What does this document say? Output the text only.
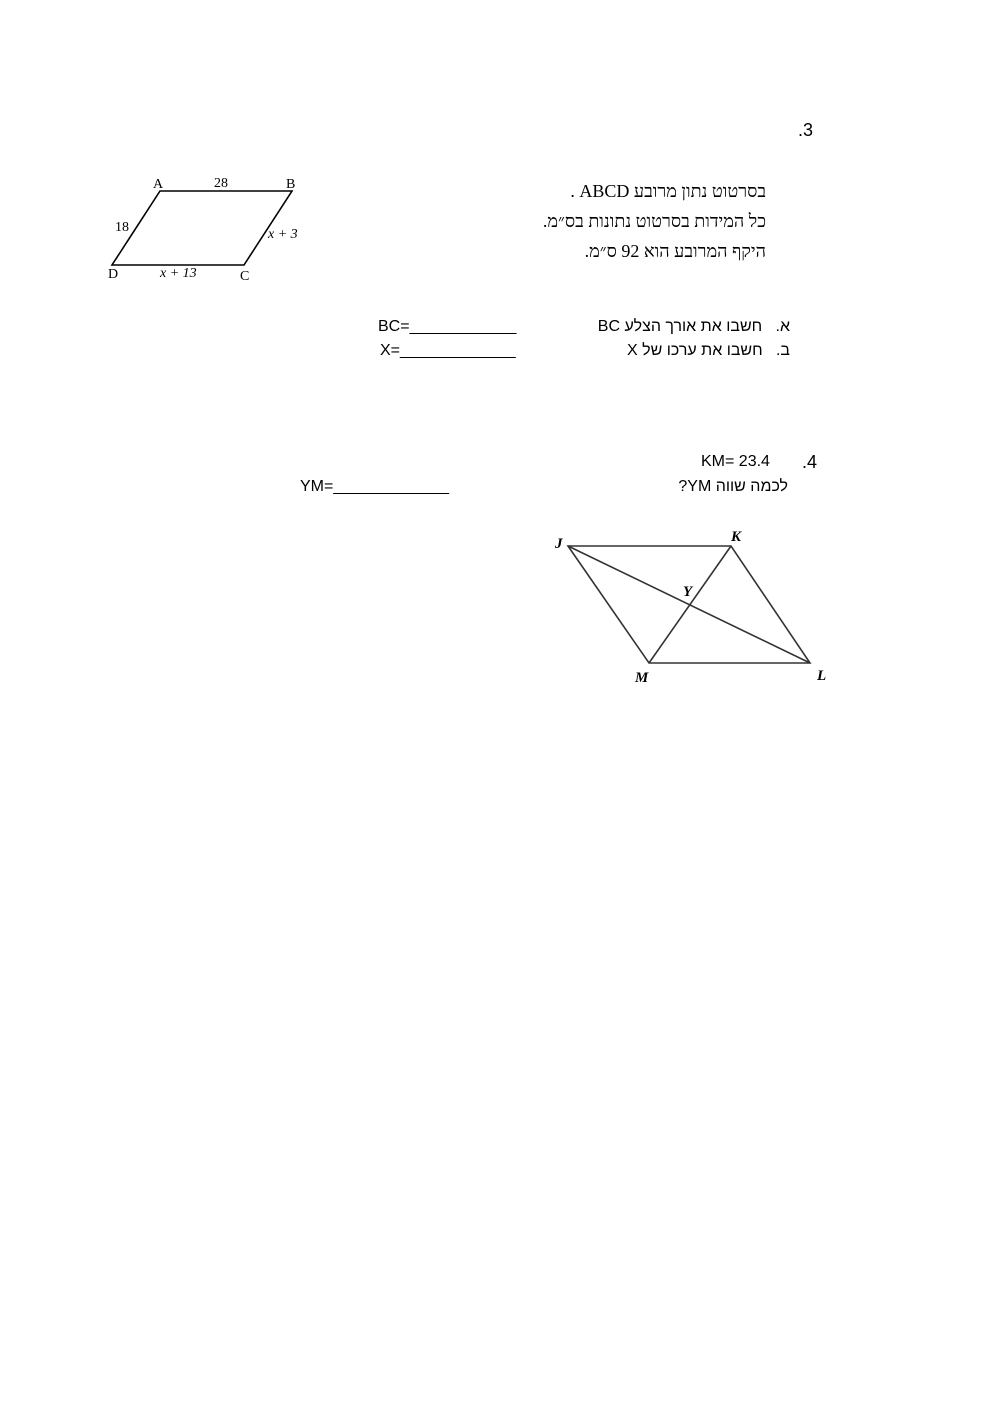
.3
בסרטוט נתון מרובע ABCD .
כל המידות בסרטוט נתונות בס״מ.
היקף המרובע הוא 92 ס״מ.
A	B
C
D
28
18	x + 3
x + 13
א.   חשבו את אורך הצלע BC
BC=____________
ב.   חשבו את ערכו של X
X=_____________
.4
KM= 23.4
לכמה שווה YM?
YM=_____________
J	K
L
M
Y
